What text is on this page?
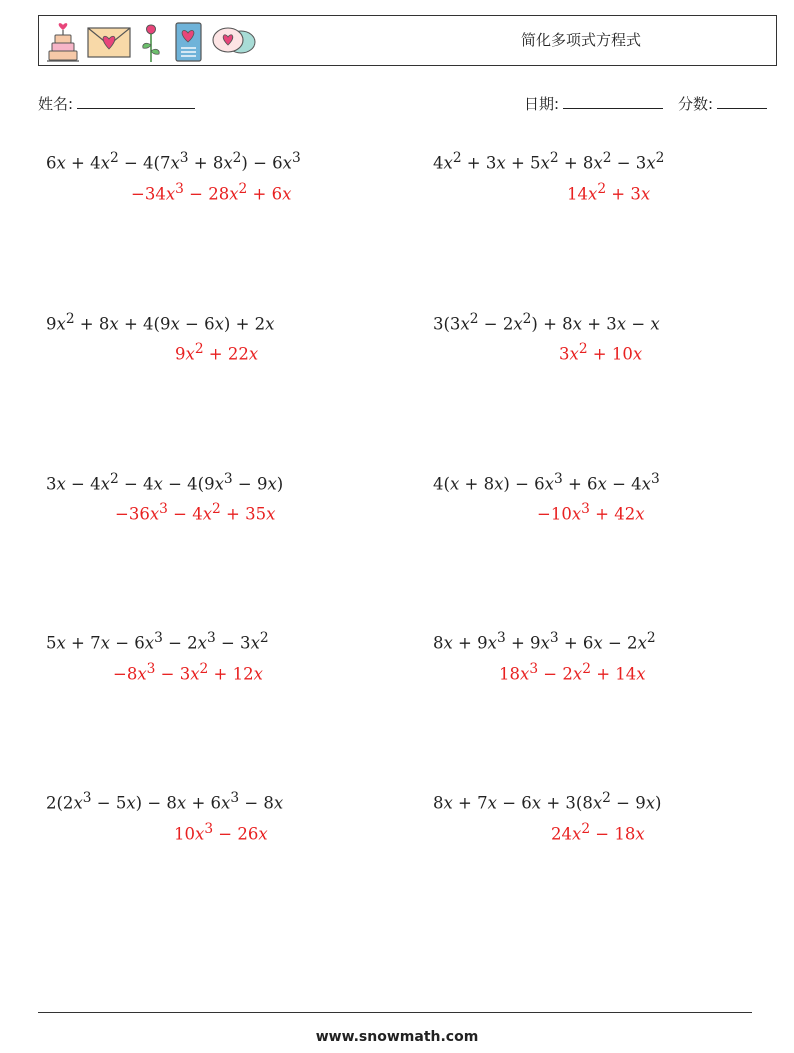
简化多项式方程式
姓名:	日期:	分数:
$6x + 4x^2 - 4(7x^3 + 8x^2) - 6x^3$
$-34x^3 - 28x^2 + 6x$
$4x^2 + 3x + 5x^2 + 8x^2 - 3x^2$
$14x^2 + 3x$
$9x^2 + 8x + 4(9x - 6x) + 2x$
$9x^2 + 22x$
$3(3x^2 - 2x^2) + 8x + 3x - x$
$3x^2 + 10x$
$3x - 4x^2 - 4x - 4(9x^3 - 9x)$
$-36x^3 - 4x^2 + 35x$
$4(x + 8x) - 6x^3 + 6x - 4x^3$
$-10x^3 + 42x$
$5x + 7x - 6x^3 - 2x^3 - 3x^2$
$-8x^3 - 3x^2 + 12x$
$8x + 9x^3 + 9x^3 + 6x - 2x^2$
$18x^3 - 2x^2 + 14x$
$2(2x^3 - 5x) - 8x + 6x^3 - 8x$
$10x^3 - 26x$
$8x + 7x - 6x + 3(8x^2 - 9x)$
$24x^2 - 18x$
www.snowmath.com
